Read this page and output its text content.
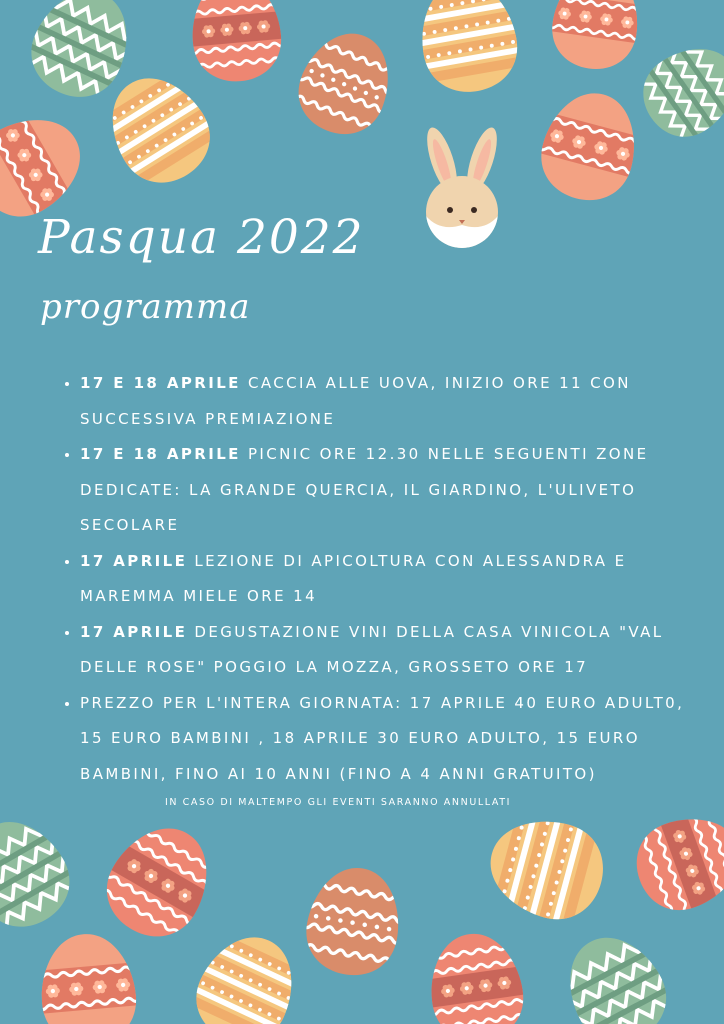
Pasqua 2022
programma
• 17 E 18 APRILE CACCIA ALLE UOVA, INIZIO ORE 11 CON SUCCESSIVA PREMIAZIONE
• 17 E 18 APRILE PICNIC ORE 12.30 NELLE SEGUENTI ZONE DEDICATE: LA GRANDE QUERCIA, IL GIARDINO, L'ULIVETO SECOLARE
• 17 APRILE LEZIONE DI APICOLTURA CON ALESSANDRA E MAREMMA MIELE ORE 14
• 17 APRILE DEGUSTAZIONE VINI DELLA CASA VINICOLA "VAL DELLE ROSE" POGGIO LA MOZZA, GROSSETO ORE 17
• PREZZO PER L'INTERA GIORNATA: 17 APRILE 40 EURO ADULT0, 15 EURO BAMBINI , 18 APRILE 30 EURO ADULTO, 15 EURO BAMBINI, FINO AI 10 ANNI (FINO A 4 ANNI GRATUITO)

IN CASO DI MALTEMPO GLI EVENTI SARANNO ANNULLATI
